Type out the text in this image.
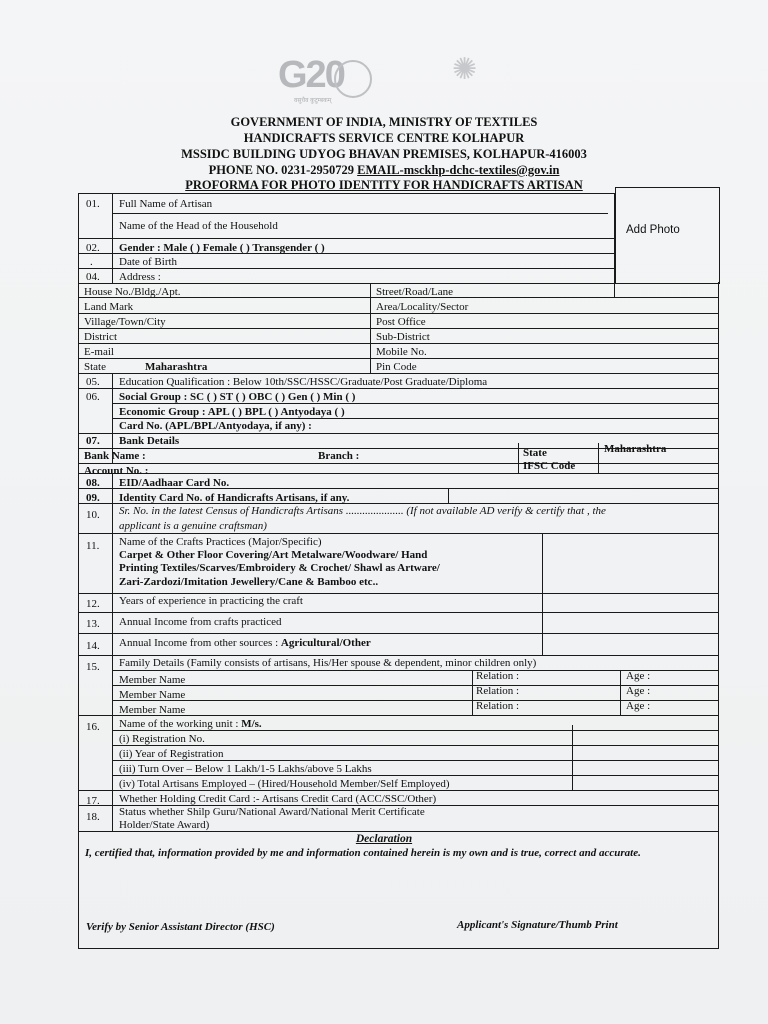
G20
वसुधैव कुटुम्बकम्
✺
GOVERNMENT OF INDIA, MINISTRY OF TEXTILES
HANDICRAFTS SERVICE CENTRE KOLHAPUR
MSSIDC BUILDING UDYOG BHAVAN PREMISES, KOLHAPUR-416003
PHONE NO. 0231-2950729 EMAIL-msckhp-dchc-textiles@gov.in
PROFORMA FOR PHOTO IDENTITY FOR HANDICRAFTS ARTISAN
Add Photo
01. Full Name of Artisan
Name of the Head of the Household
02. Gender : Male ( ) Female ( ) Transgender ( )
. Date of Birth
04. Address :
House No./Bldg./Apt.	Street/Road/Lane
Land Mark	Area/Locality/Sector
Village/Town/City	Post Office
District	Sub-District
E-mail	Mobile No.
State	Maharashtra	Pin Code
05. Education Qualification : Below 10th/SSC/HSSC/Graduate/Post Graduate/Diploma
06. Social Group : SC ( ) ST ( ) OBC ( ) Gen ( ) Min ( )
Economic Group : APL ( ) BPL ( ) Antyodaya ( )
Card No. (APL/BPL/Antyodaya, if any) :
07. Bank Details
Bank Name :	Branch :	State	Maharashtra
Account No. :	IFSC Code
08. EID/Aadhaar Card No.
09. Identity Card No. of Handicrafts Artisans, if any.
10. Sr. No. in the latest Census of Handicrafts Artisans ..................... (If not available AD verify & certify that , the
applicant is a genuine craftsman)
11. Name of the Crafts Practices (Major/Specific)
Carpet & Other Floor Covering/Art Metalware/Woodware/ Hand
Printing Textiles/Scarves/Embroidery & Crochet/ Shawl as Artware/
Zari-Zardozi/Imitation Jewellery/Cane & Bamboo etc..
12. Years of experience in practicing the craft
13. Annual Income from crafts practiced
14. Annual Income from other sources : Agricultural/Other
15. Family Details (Family consists of artisans, His/Her spouse & dependent, minor children only)
Member Name	Relation :	Age :
Member Name	Relation :	Age :
Member Name	Relation :	Age :
16. Name of the working unit : M/s.
(i) Registration No.
(ii) Year of Registration
(iii) Turn Over – Below 1 Lakh/1-5 Lakhs/above 5 Lakhs
(iv) Total Artisans Employed – (Hired/Household Member/Self Employed)
17. Whether Holding Credit Card :- Artisans Credit Card (ACC/SSC/Other)
18. Status whether Shilp Guru/National Award/National Merit Certificate
Holder/State Award)
Declaration
I, certified that, information provided by me and information contained herein is my own and is true, correct and accurate.
Verify by Senior Assistant Director (HSC)	Applicant's Signature/Thumb Print
